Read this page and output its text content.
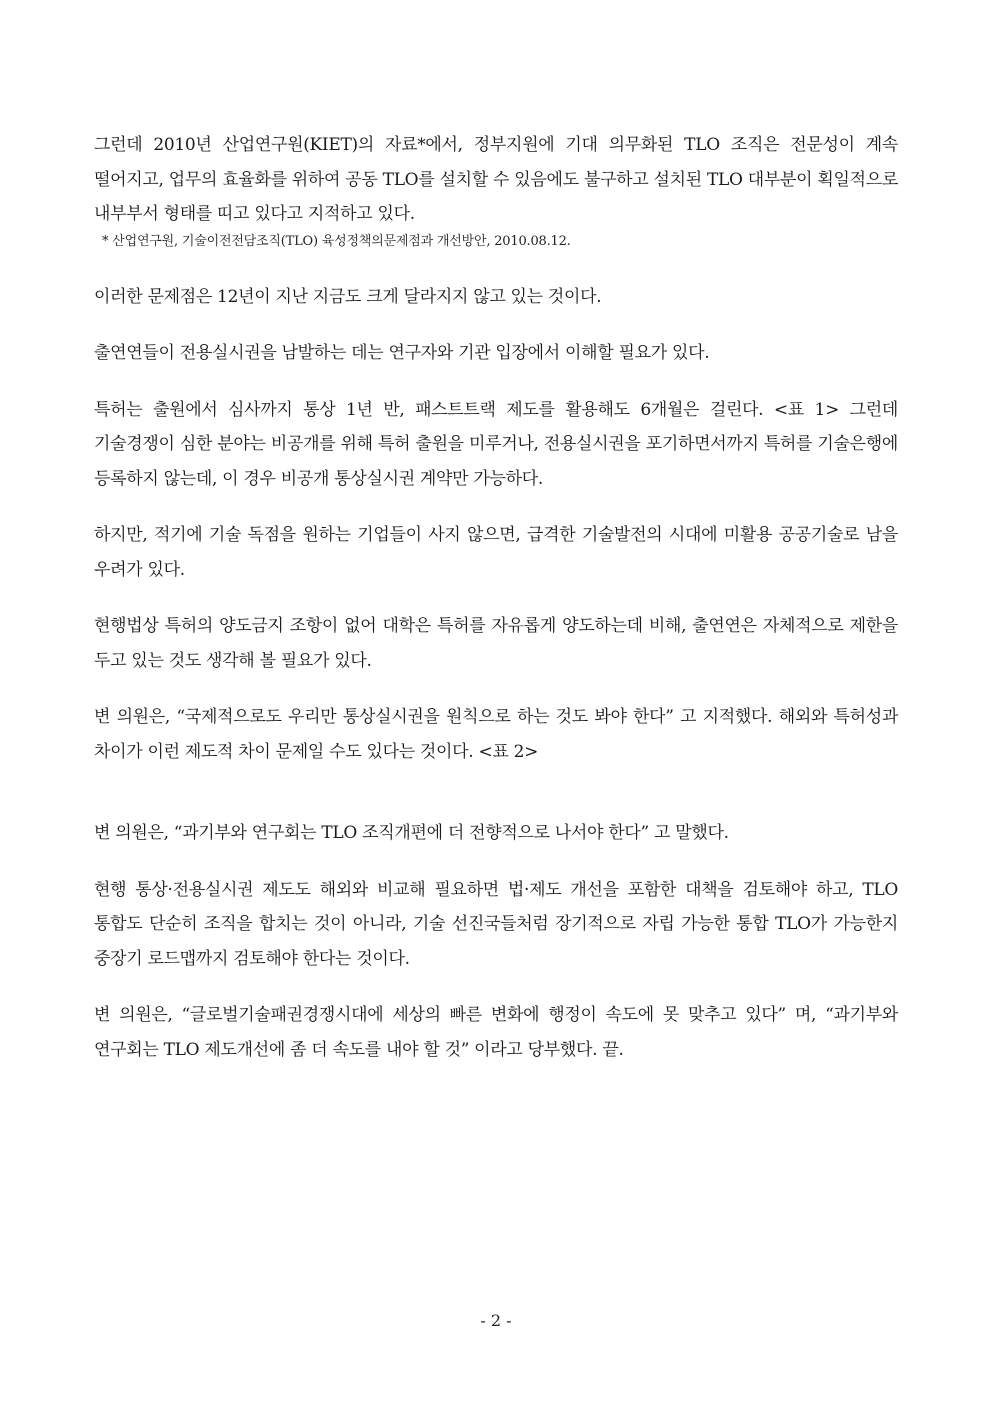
그런데 2010년 산업연구원(KIET)의 자료*에서, 정부지원에 기대 의무화된 TLO 조직은 전문성이 계속 떨어지고, 업무의 효율화를 위하여 공동 TLO를 설치할 수 있음에도 불구하고 설치된 TLO 대부분이 획일적으로 내부부서 형태를 띠고 있다고 지적하고 있다.

* 산업연구원, 기술이전전담조직(TLO) 육성정책의문제점과 개선방안, 2010.08.12.

이러한 문제점은 12년이 지난 지금도 크게 달라지지 않고 있는 것이다.

출연연들이 전용실시권을 남발하는 데는 연구자와 기관 입장에서 이해할 필요가 있다.

특허는 출원에서 심사까지 통상 1년 반, 패스트트랙 제도를 활용해도 6개월은 걸린다. <표 1> 그런데 기술경쟁이 심한 분야는 비공개를 위해 특허 출원을 미루거나, 전용실시권을 포기하면서까지 특허를 기술은행에 등록하지 않는데, 이 경우 비공개 통상실시권 계약만 가능하다.

하지만, 적기에 기술 독점을 원하는 기업들이 사지 않으면, 급격한 기술발전의 시대에 미활용 공공기술로 남을 우려가 있다.

현행법상 특허의 양도금지 조항이 없어 대학은 특허를 자유롭게 양도하는데 비해, 출연연은 자체적으로 제한을 두고 있는 것도 생각해 볼 필요가 있다.

변 의원은, “국제적으로도 우리만 통상실시권을 원칙으로 하는 것도 봐야 한다” 고 지적했다. 해외와 특허성과 차이가 이런 제도적 차이 문제일 수도 있다는 것이다. <표 2>

변 의원은, “과기부와 연구회는 TLO 조직개편에 더 전향적으로 나서야 한다” 고 말했다.

현행 통상·전용실시권 제도도 해외와 비교해 필요하면 법·제도 개선을 포함한 대책을 검토해야 하고, TLO 통합도 단순히 조직을 합치는 것이 아니라, 기술 선진국들처럼 장기적으로 자립 가능한 통합 TLO가 가능한지 중장기 로드맵까지 검토해야 한다는 것이다.

변 의원은, “글로벌기술패권경쟁시대에 세상의 빠른 변화에 행정이 속도에 못 맞추고 있다” 며, “과기부와 연구회는 TLO 제도개선에 좀 더 속도를 내야 할 것” 이라고 당부했다. 끝.

- 2 -
